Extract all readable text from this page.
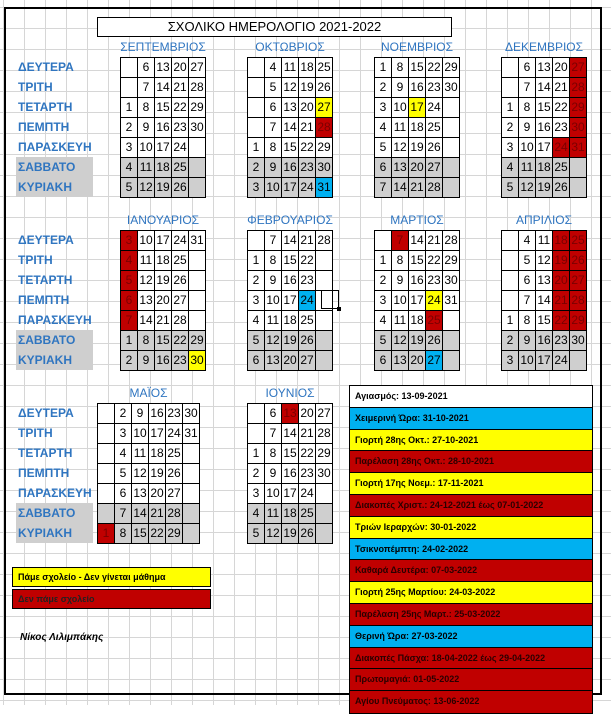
ΣΧΟΛΙΚΟ ΗΜΕΡΟΛΟΓΙΟ 2021-2022
ΔΕΥΤΕΡΑ
ΤΡΙΤΗ
ΤΕΤΑΡΤΗ
ΠΕΜΠΤΗ
ΠΑΡΑΣΚΕΥΗ
ΣΑΒΒΑΤΟ
ΚΥΡΙΑΚΗ
ΔΕΥΤΕΡΑ
ΤΡΙΤΗ
ΤΕΤΑΡΤΗ
ΠΕΜΠΤΗ
ΠΑΡΑΣΚΕΥΗ
ΣΑΒΒΑΤΟ
ΚΥΡΙΑΚΗ
ΔΕΥΤΕΡΑ
ΤΡΙΤΗ
ΤΕΤΑΡΤΗ
ΠΕΜΠΤΗ
ΠΑΡΑΣΚΕΥΗ
ΣΑΒΒΑΤΟ
ΚΥΡΙΑΚΗ
ΣΕΠΤΕΜΒΡΙΟΣ
6 13 20 27
7 14 21 28
1 8 15 22 29
2 9 16 23 30
3 10 17 24
4 11 18 25
5 12 19 26
ΟΚΤΩΒΡΙΟΣ
4 11 18 25
5 12 19 26
6 13 20 27
7 14 21 28
1 8 15 22 29
2 9 16 23 30
3 10 17 24 31
ΝΟΕΜΒΡΙΟΣ
1 8 15 22 29
2 9 16 23 30
3 10 17 24
4 11 18 25
5 12 19 26
6 13 20 27
7 14 21 28
ΔΕΚΕΜΒΡΙΟΣ
6 13 20 27
7 14 21 28
1 8 15 22 29
2 9 16 23 30
3 10 17 24 31
4 11 18 25
5 12 19 26
ΙΑΝΟΥΑΡΙΟΣ
3 10 17 24 31
4 11 18 25
5 12 19 26
6 13 20 27
7 14 21 28
1 8 15 22 29
2 9 16 23 30
ΦΕΒΡΟΥΑΡΙΟΣ
7 14 21 28
1 8 15 22
2 9 16 23
3 10 17 24
4 11 18 25
5 12 19 26
6 13 20 27
ΜΑΡΤΙΟΣ
7 14 21 28
1 8 15 22 29
2 9 16 23 30
3 10 17 24 31
4 11 18 25
5 12 19 26
6 13 20 27
ΑΠΡΙΛΙΟΣ
4 11 18 25
5 12 19 26
6 13 20 27
7 14 21 28
1 8 15 22 29
2 9 16 23 30
3 10 17 24
ΜΑΪΟΣ
2 9 16 23 30
3 10 17 24 31
4 11 18 25
5 12 19 26
6 13 20 27
7 14 21 28
1 8 15 22 29
ΙΟΥΝΙΟΣ
6 13 20 27
7 14 21 28
1 8 15 22 29
2 9 16 23 30
3 10 17 24
4 11 18 25
5 12 19 26
Πάμε σχολείο - Δεν γίνεται μάθημα
Δεν πάμε σχολείο
Νίκος Λιλιμπάκης
Αγιασμός: 13-09-2021
Χειμερινή Ώρα: 31-10-2021
Γιορτή 28ης Οκτ.: 27-10-2021
Παρέλαση 28ης Οκτ.: 28-10-2021
Γιορτή 17ης Νοεμ.: 17-11-2021
Διακοπές Χριστ.: 24-12-2021 έως 07-01-2022
Τριών Ιεραρχών: 30-01-2022
Τσικνοπέμπτη: 24-02-2022
Καθαρά Δευτέρα: 07-03-2022
Γιορτή 25ης Μαρτίου: 24-03-2022
Παρέλαση 25ης Μαρτ.: 25-03-2022
Θερινή Ώρα: 27-03-2022
Διακοπές Πάσχα: 18-04-2022 έως 29-04-2022
Πρωτομαγιά: 01-05-2022
Αγίου Πνεύματος: 13-06-2022
